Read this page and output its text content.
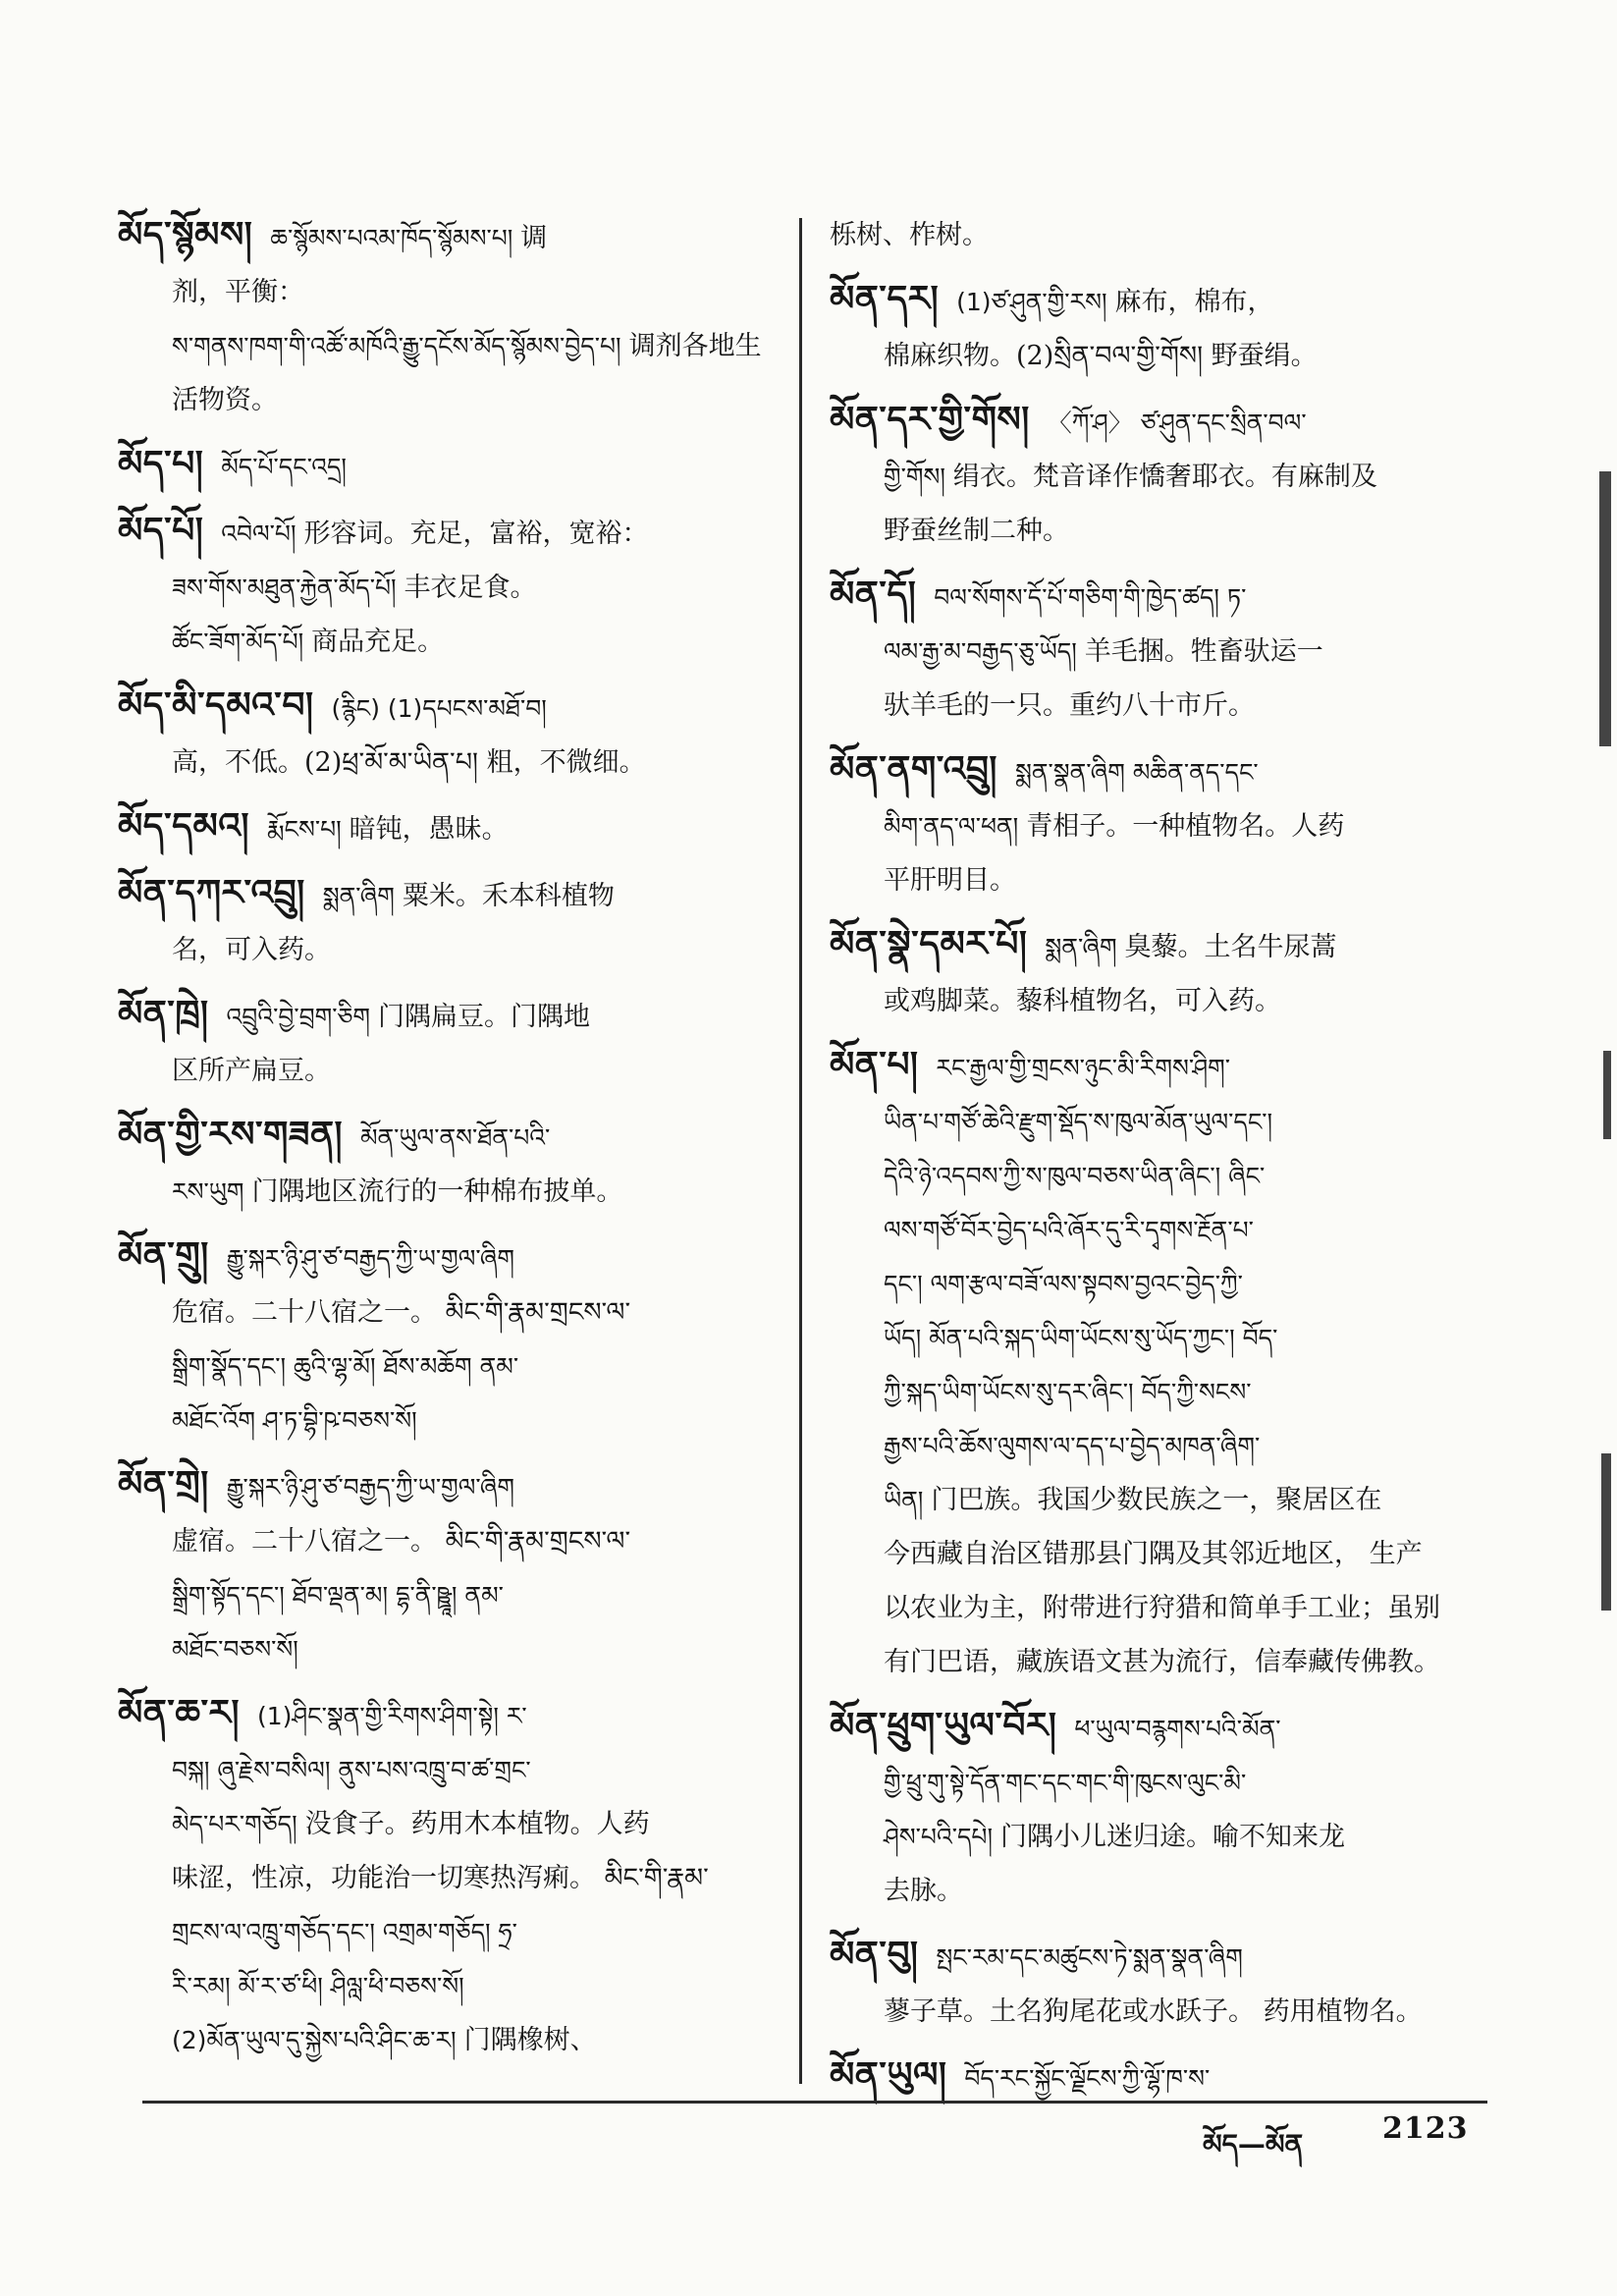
མོད་སྙོམས། ཆ་སྙོམས་པའམ་ཁོད་སྙོམས་པ། 调

剂，平衡：

ས་གནས་ཁག་གི་འཚོ་མཁོའི་རྒྱུ་དངོས་མོད་སྙོམས་བྱེད་པ། 调剂各地生活物资。

མོད་པ། མོད་པོ་དང་འདྲ།

མོད་པོ། འབེལ་པོ། 形容词。充足，富裕，宽裕：

ཟས་གོས་མཐུན་རྐྱེན་མོད་པོ། 丰衣足食。

ཚོང་ཟོག་མོད་པོ། 商品充足。

མོད་མི་དམའ་བ། (རྙིང) (1)དཔངས་མཐོ་བ།

高，不低。(2)ཕྲ་མོ་མ་ཡིན་པ། 粗，不微细。

མོད་དམའ། རྨོངས་པ། 暗钝，愚昧。

མོན་དཀར་འབྲུ། སྨན་ཞིག 粟米。禾本科植物

名，可入药。

མོན་ཁྲེ། འབྲུའི་བྱེ་བྲག་ཅིག 门隅扁豆。门隅地

区所产扁豆。

མོན་གྱི་རས་གཟན། མོན་ཡུལ་ནས་ཐོན་པའི་

རས་ཡུག 门隅地区流行的一种棉布披单。

མོན་གྲུ། རྒྱུ་སྐར་ཉི་ཤུ་ཙ་བརྒྱད་ཀྱི་ཡ་གྱལ་ཞིག

危宿。二十八宿之一。 མིང་གི་རྣམ་གྲངས་ལ་

སྒྲིག་སྣོད་དང་། ཆུའི་ལྷ་མོ། ཐོས་མཆོག ནམ་

མཐོང་འོག ཤ་ཏ་བྷི་ཥ་བཅས་སོ།

མོན་གྲེ། རྒྱུ་སྐར་ཉི་ཤུ་ཙ་བརྒྱད་ཀྱི་ཡ་གྱལ་ཞིག

虚宿。二十八宿之一。 མིང་གི་རྣམ་གྲངས་ལ་

སྒྲིག་སྟོད་དང་། ཐོབ་ལྡན་མ། དྷ་ནི་ཥྛཱ། ནམ་

མཐོང་བཅས་སོ།

མོན་ཆ་ར། (1)ཤིང་སྣན་གྱི་རིགས་ཤིག་སྟེ། ར་

བསྐ། ཞུ་རྗེས་བསིལ། ནུས་པས་འཁྲུ་བ་ཚ་གྲང་

མེད་པར་གཅོད། 没食子。药用木本植物。人药

味涩，性凉，功能治一切寒热泻痢。 མིང་གི་རྣམ་

གྲངས་ལ་འཁྲུ་གཅོད་དང་། འགྲམ་གཅོད། ཧྲ་

རི་རམ། མོ་ར་ཙ་ཕི། ཤིལླ་ཕི་བཅས་སོ།

(2)མོན་ཡུལ་དུ་སྐྱེས་པའི་ཤིང་ཆ་ར། 门隅橡树、

栎树、柞树。

མོན་དར། (1)ཙ་ཤུན་གྱི་རས། 麻布，棉布，

棉麻织物。(2)སྲིན་བལ་གྱི་གོས། 野蚕绢。

མོན་དར་གྱི་གོས། 〈ཀོ་ཤ〉 ཙ་ཤུན་དང་སྲིན་བལ་

གྱི་གོས། 绢衣。梵音译作憍奢耶衣。有麻制及

野蚕丝制二种。

མོན་དོ། བལ་སོགས་དོ་པོ་གཅིག་གི་ཁྱེད་ཚད། ཏ་

ལམ་རྒྱ་མ་བརྒྱད་ཅུ་ཡོད། 羊毛捆。牲畜驮运一

驮羊毛的一只。重约八十市斤。

མོན་ནག་འབྲུ། སྨན་སྣན་ཞིག མཆིན་ནད་དང་

མིག་ནད་ལ་ཕན། 青相子。一种植物名。人药

平肝明目。

མོན་སྣེ་དམར་པོ། སྨན་ཞིག 臭藜。土名牛尿蒿

或鸡脚菜。藜科植物名，可入药。

མོན་པ། རང་རྒྱལ་གྱི་གྲངས་ཉུང་མི་རིགས་ཤིག་

ཡིན་པ་གཙོ་ཆེའི་རྫུག་སྡོད་ས་ཁུལ་མོན་ཡུལ་དང་།

དེའི་ཉེ་འདབས་ཀྱི་ས་ཁུལ་བཅས་ཡིན་ཞིང་། ཞིང་

ལས་གཙོ་བོར་བྱེད་པའི་ཞོར་དུ་རི་དྭགས་རྔོན་པ་

དང་། ལག་རྩལ་བཟོ་ལས་སྟབས་བྱའང་བྱེད་ཀྱི་

ཡོད། མོན་པའི་སྐད་ཡིག་ཡོངས་སུ་ཡོད་ཀྱང་། བོད་

ཀྱི་སྐད་ཡིག་ཡོངས་སུ་དར་ཞིང་། བོད་ཀྱི་སངས་

རྒྱས་པའི་ཆོས་ལུགས་ལ་དད་པ་བྱེད་མཁན་ཞིག་

ཡིན། 门巴族。我国少数民族之一，聚居区在

今西藏自治区错那县门隅及其邻近地区， 生产

以农业为主，附带进行狩猎和简单手工业；虽别

有门巴语，藏族语文甚为流行，信奉藏传佛教。

མོན་ཕྲུག་ཡུལ་བོར། ཕ་ཡུལ་བརྙགས་པའི་མོན་

གྱི་ཕྲུ་གུ་སྟེ་དོན་གང་དང་གང་གི་ཁུངས་ལུང་མི་

ཤེས་པའི་དཔེ། 门隅小儿迷归途。喻不知来龙

去脉。

མོན་བུ། སྤང་རམ་དང་མཚུངས་ཏེ་སྨན་སྣན་ཞིག

蓼子草。土名狗尾花或水跃子。 药用植物名。

མོན་ཡུལ། བོད་རང་སྐྱོང་ལྗོངས་ཀྱི་ལྷོ་ཁ་ས་

མོད—མོན	2123
